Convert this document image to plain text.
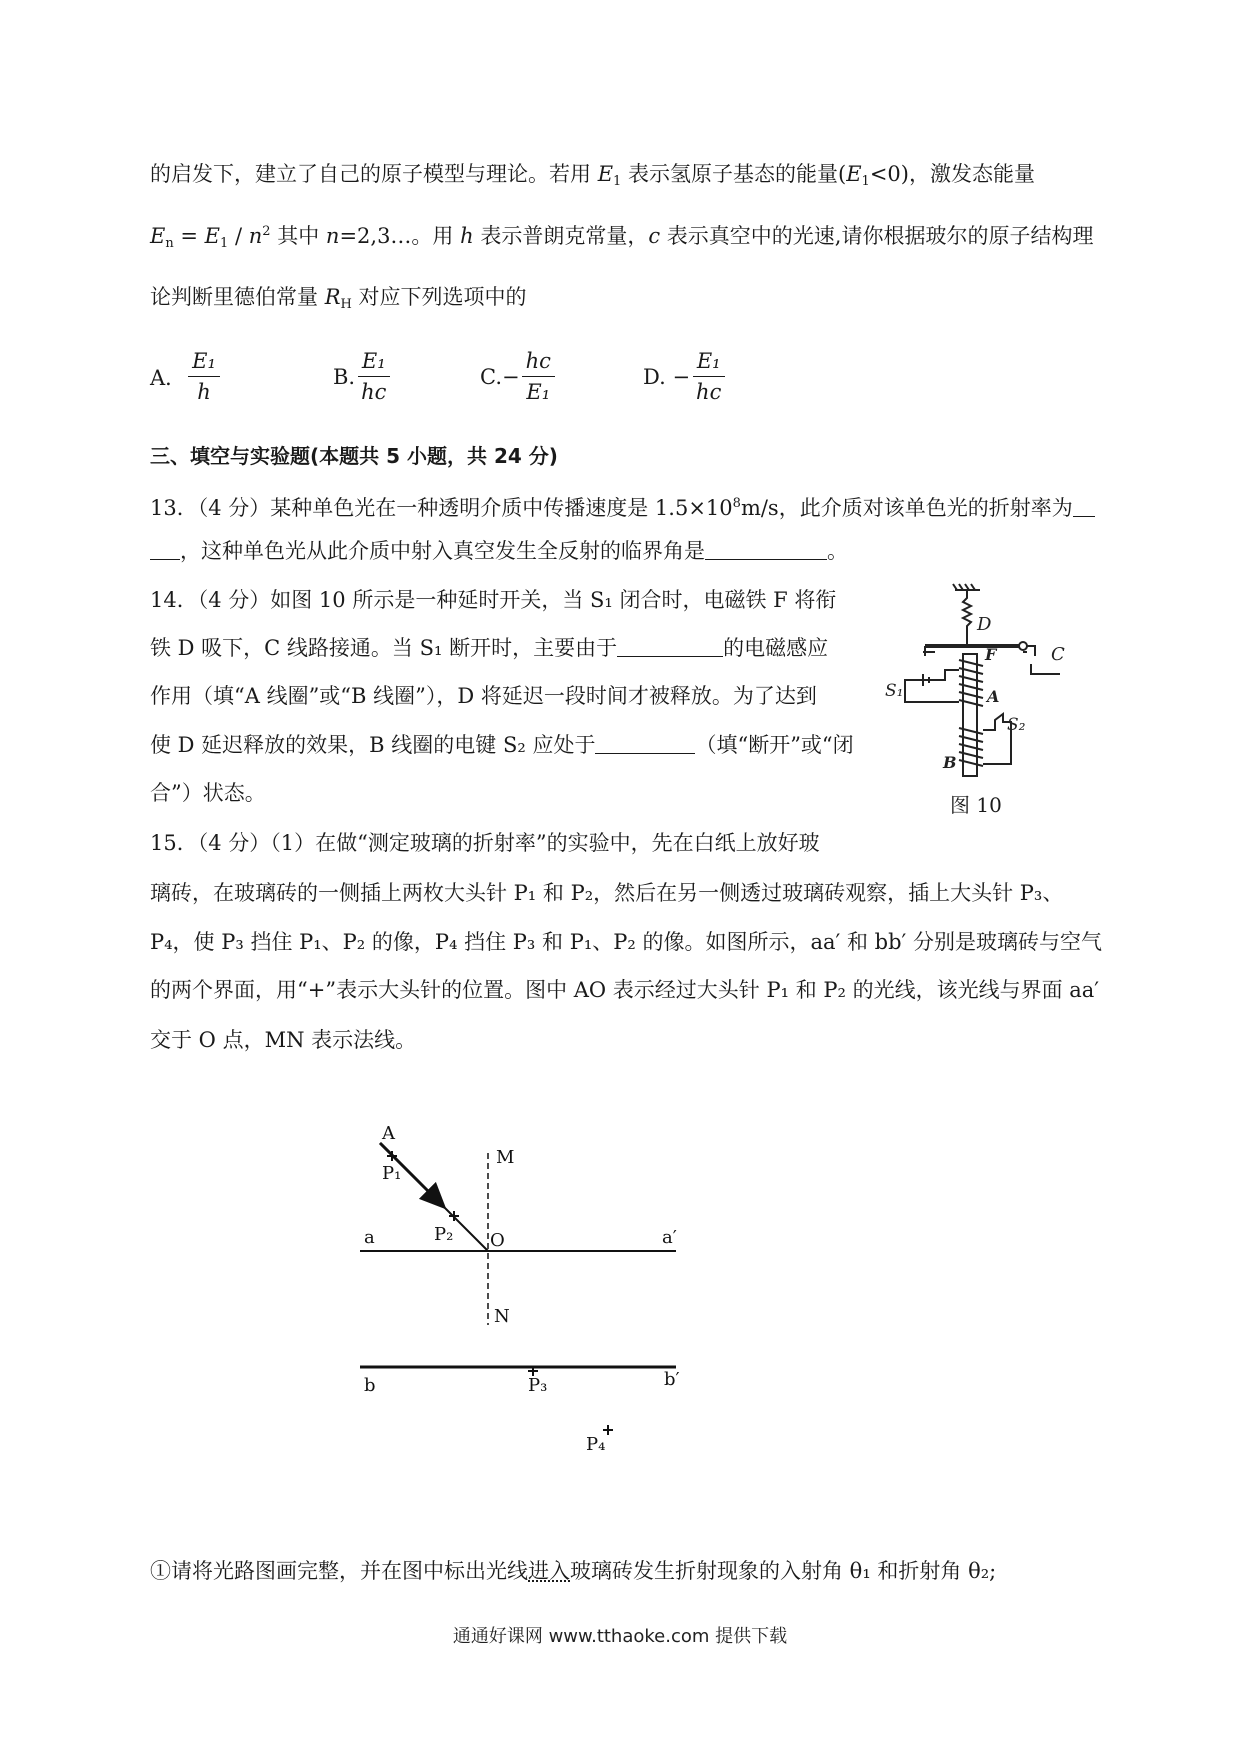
的启发下，建立了自己的原子模型与理论。若用 $E_1$ 表示氢原子基态的能量$(E_1<0)$，激发态能量
$E_n = E_1 / n^2$ 其中 n=2,3…。用 h 表示普朗克常量，c 表示真空中的光速,请你根据玻尔的原子结构理
论判断里德伯常量 $R_H$ 对应下列选项中的
A． $\frac{\text{E₁}}{h}$	B. $\frac{\text{E₁}}{hc}$	$C.- \frac{hc}{\text{E₁}}$	D. − $\frac{\text{E₁}}{hc}$
三、填空与实验题(本题共 5 小题，共 24 分)
13．（4 分）某种单色光在一种透明介质中传播速度是 $1.5\times 10^8m/s$，此介质对该单色光的折射率为
，这种单色光从此介质中射入真空发生全反射的临界角是	。
14．（4 分）如图 10 所示是一种延时开关，当 S₁ 闭合时，电磁铁 F 将衔
铁 D 吸下，C 线路接通。当 S₁ 断开时，主要由于	的电磁感应
作用（填“A 线圈”或“B 线圈”），D 将延迟一段时间才被释放。为了达到
使 D 延迟释放的效果，B 线圈的电键 S₂ 应处于	（填“断开”或“闭
合”）状态。
D
F	C
S₁	A
S₂
B
图 10
15．（4 分）（1）在做“测定玻璃的折射率”的实验中，先在白纸上放好玻
璃砖，在玻璃砖的一侧插上两枚大头针 P₁ 和 P₂，然后在另一侧透过玻璃砖观察，插上大头针 P₃、
P₄，使 P₃ 挡住 P₁、P₂ 的像，P₄ 挡住 P₃ 和 P₁、P₂ 的像。如图所示，aa′ 和 bb′ 分别是玻璃砖与空气
的两个界面，用“+”表示大头针的位置。图中 AO 表示经过大头针 P₁ 和 P₂ 的光线，该光线与界面 aa′
交于 O 点，MN 表示法线。
A
M
P₁
P₂
a	O	a′
N
b	P₃	b′
P₄
①请将光路图画完整，并在图中标出光线进入玻璃砖发生折射现象的入射角 θ₁ 和折射角 θ₂;
通通好课网 www.tthaoke.com 提供下载
